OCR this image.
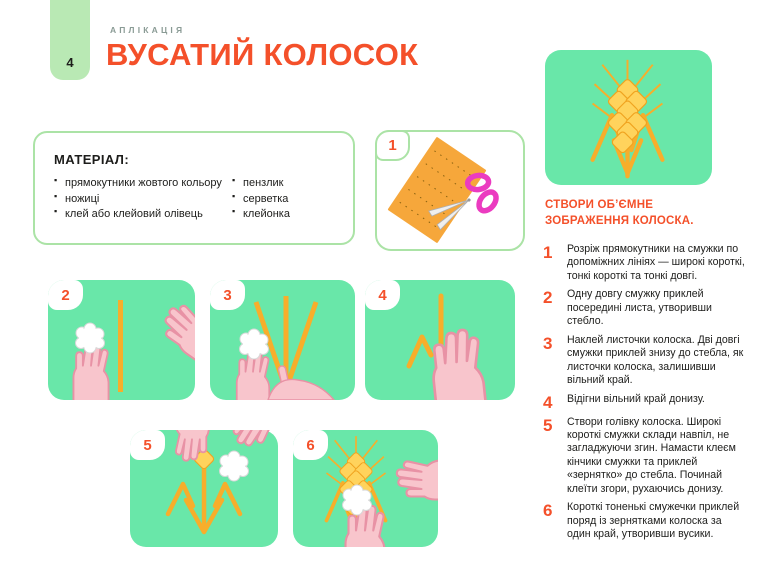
4
АПЛІКАЦІЯ
ВУСАТИЙ КОЛОСОК
МАТЕРІАЛ:
▪ прямокутники жовтого кольору
▪ ножиці
▪ клей або клейовий олівець
▪ пензлик
▪ серветка
▪ клейонка
1
СТВОРИ ОБ’ЄМНЕ ЗОБРАЖЕННЯ КОЛОСКА.
1	Розріж прямокутники на смужки по допоміжних лініях — широкі короткі, тонкі короткі та тонкі довгі.
2	Одну довгу смужку приклей посередині листа, утворивши стебло.
3	Наклей листочки колоска. Дві довгі смужки приклей знизу до стебла, як листочки колоска, залишивши вільний край.
4	Відігни вільний край донизу.
5	Створи голівку колоска. Широкі короткі смужки склади навпіл, не загладжуючи згин. Намасти клеєм кінчики смужки та приклей «зернятко» до стебла. Починай клеїти згори, рухаючись донизу.
6	Короткі тоненькі смужечки приклей поряд із зернятками колоска за один край, утворивши вусики.
2	3	4
5	6
